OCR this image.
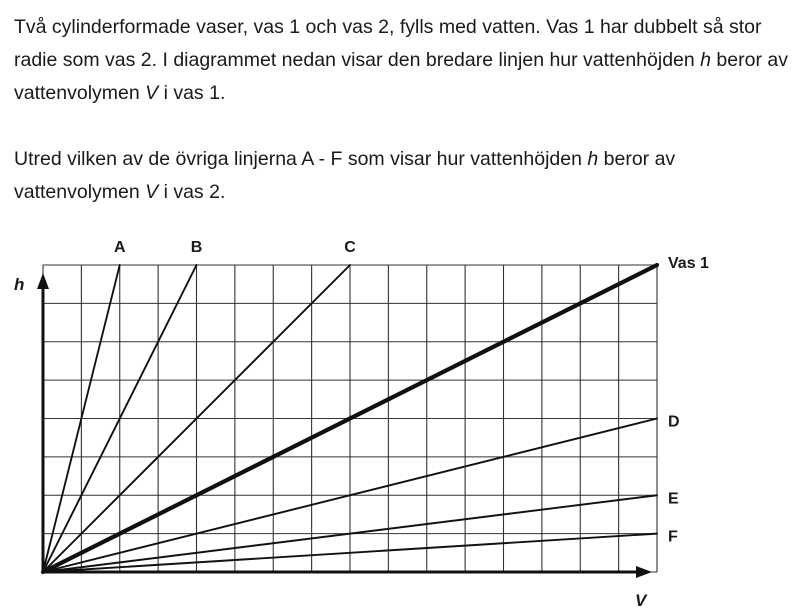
Två cylinderformade vaser, vas 1 och vas 2, fylls med vatten. Vas 1 har dubbelt så stor radie som vas 2. I diagrammet nedan visar den bredare linjen hur vattenhöjden h beror av vattenvolymen V i vas 1.

Utred vilken av de övriga linjerna A - F som visar hur vattenhöjden h beror av vattenvolymen V i vas 2.

h
V
A	B	C
Vas 1
D
E
F
